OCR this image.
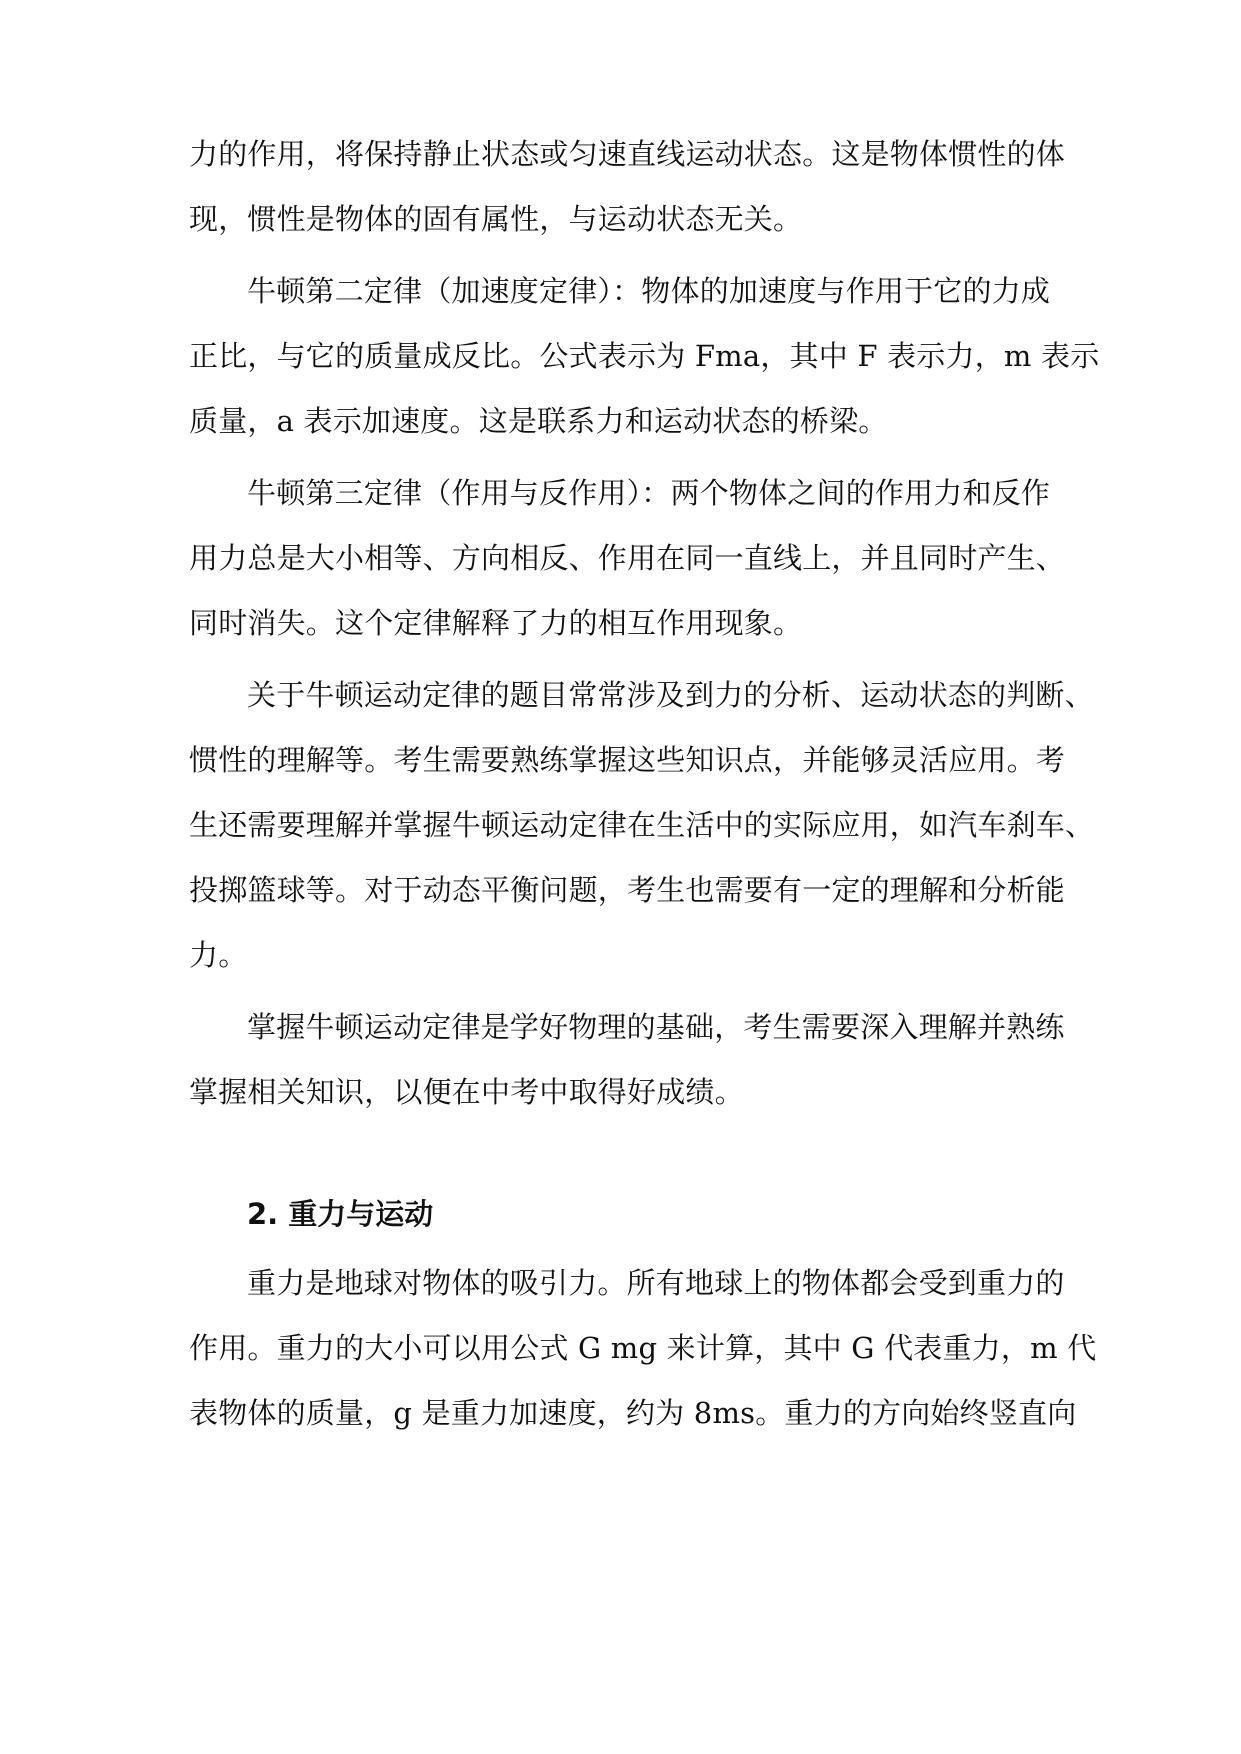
力的作用，将保持静止状态或匀速直线运动状态。这是物体惯性的体
现，惯性是物体的固有属性，与运动状态无关。
牛顿第二定律（加速度定律）：物体的加速度与作用于它的力成
正比，与它的质量成反比。公式表示为 Fma，其中 F 表示力，m 表示
质量，a 表示加速度。这是联系力和运动状态的桥梁。
牛顿第三定律（作用与反作用）：两个物体之间的作用力和反作
用力总是大小相等、方向相反、作用在同一直线上，并且同时产生、
同时消失。这个定律解释了力的相互作用现象。
关于牛顿运动定律的题目常常涉及到力的分析、运动状态的判断、
惯性的理解等。考生需要熟练掌握这些知识点，并能够灵活应用。考
生还需要理解并掌握牛顿运动定律在生活中的实际应用，如汽车刹车、
投掷篮球等。对于动态平衡问题，考生也需要有一定的理解和分析能
力。
掌握牛顿运动定律是学好物理的基础，考生需要深入理解并熟练
掌握相关知识，以便在中考中取得好成绩。
2. 重力与运动
重力是地球对物体的吸引力。所有地球上的物体都会受到重力的
作用。重力的大小可以用公式 G mg 来计算，其中 G 代表重力，m 代
表物体的质量，g 是重力加速度，约为 8ms。重力的方向始终竖直向
